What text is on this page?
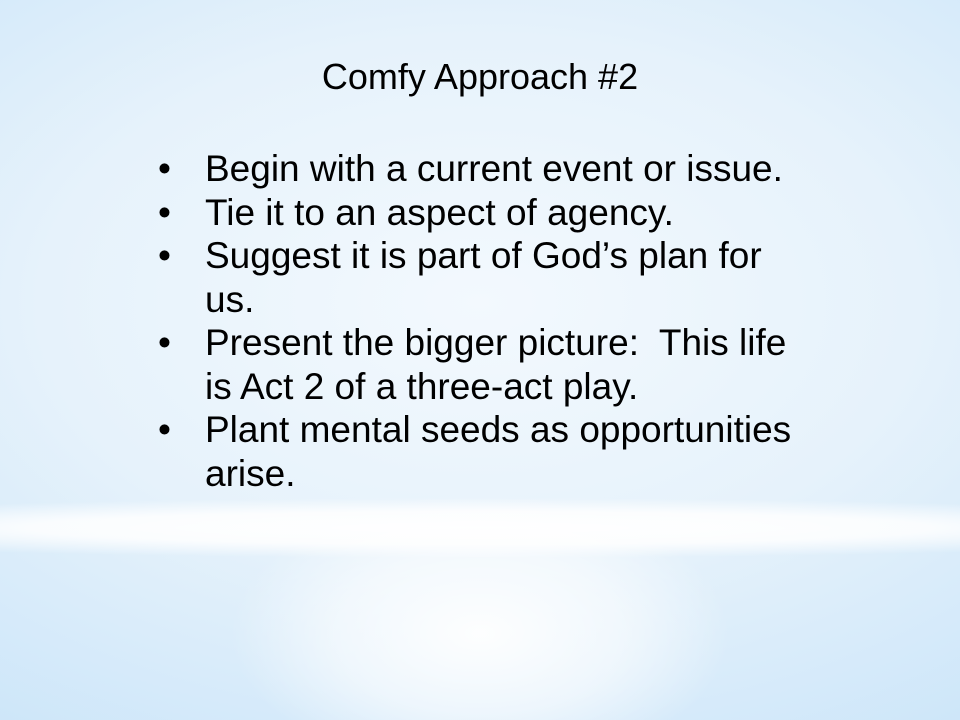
Comfy Approach #2
• Begin with a current event or issue.
• Tie it to an aspect of agency.
• Suggest it is part of God’s plan for us.
• Present the bigger picture:  This life is Act 2 of a three-act play.
• Plant mental seeds as opportunities arise.
